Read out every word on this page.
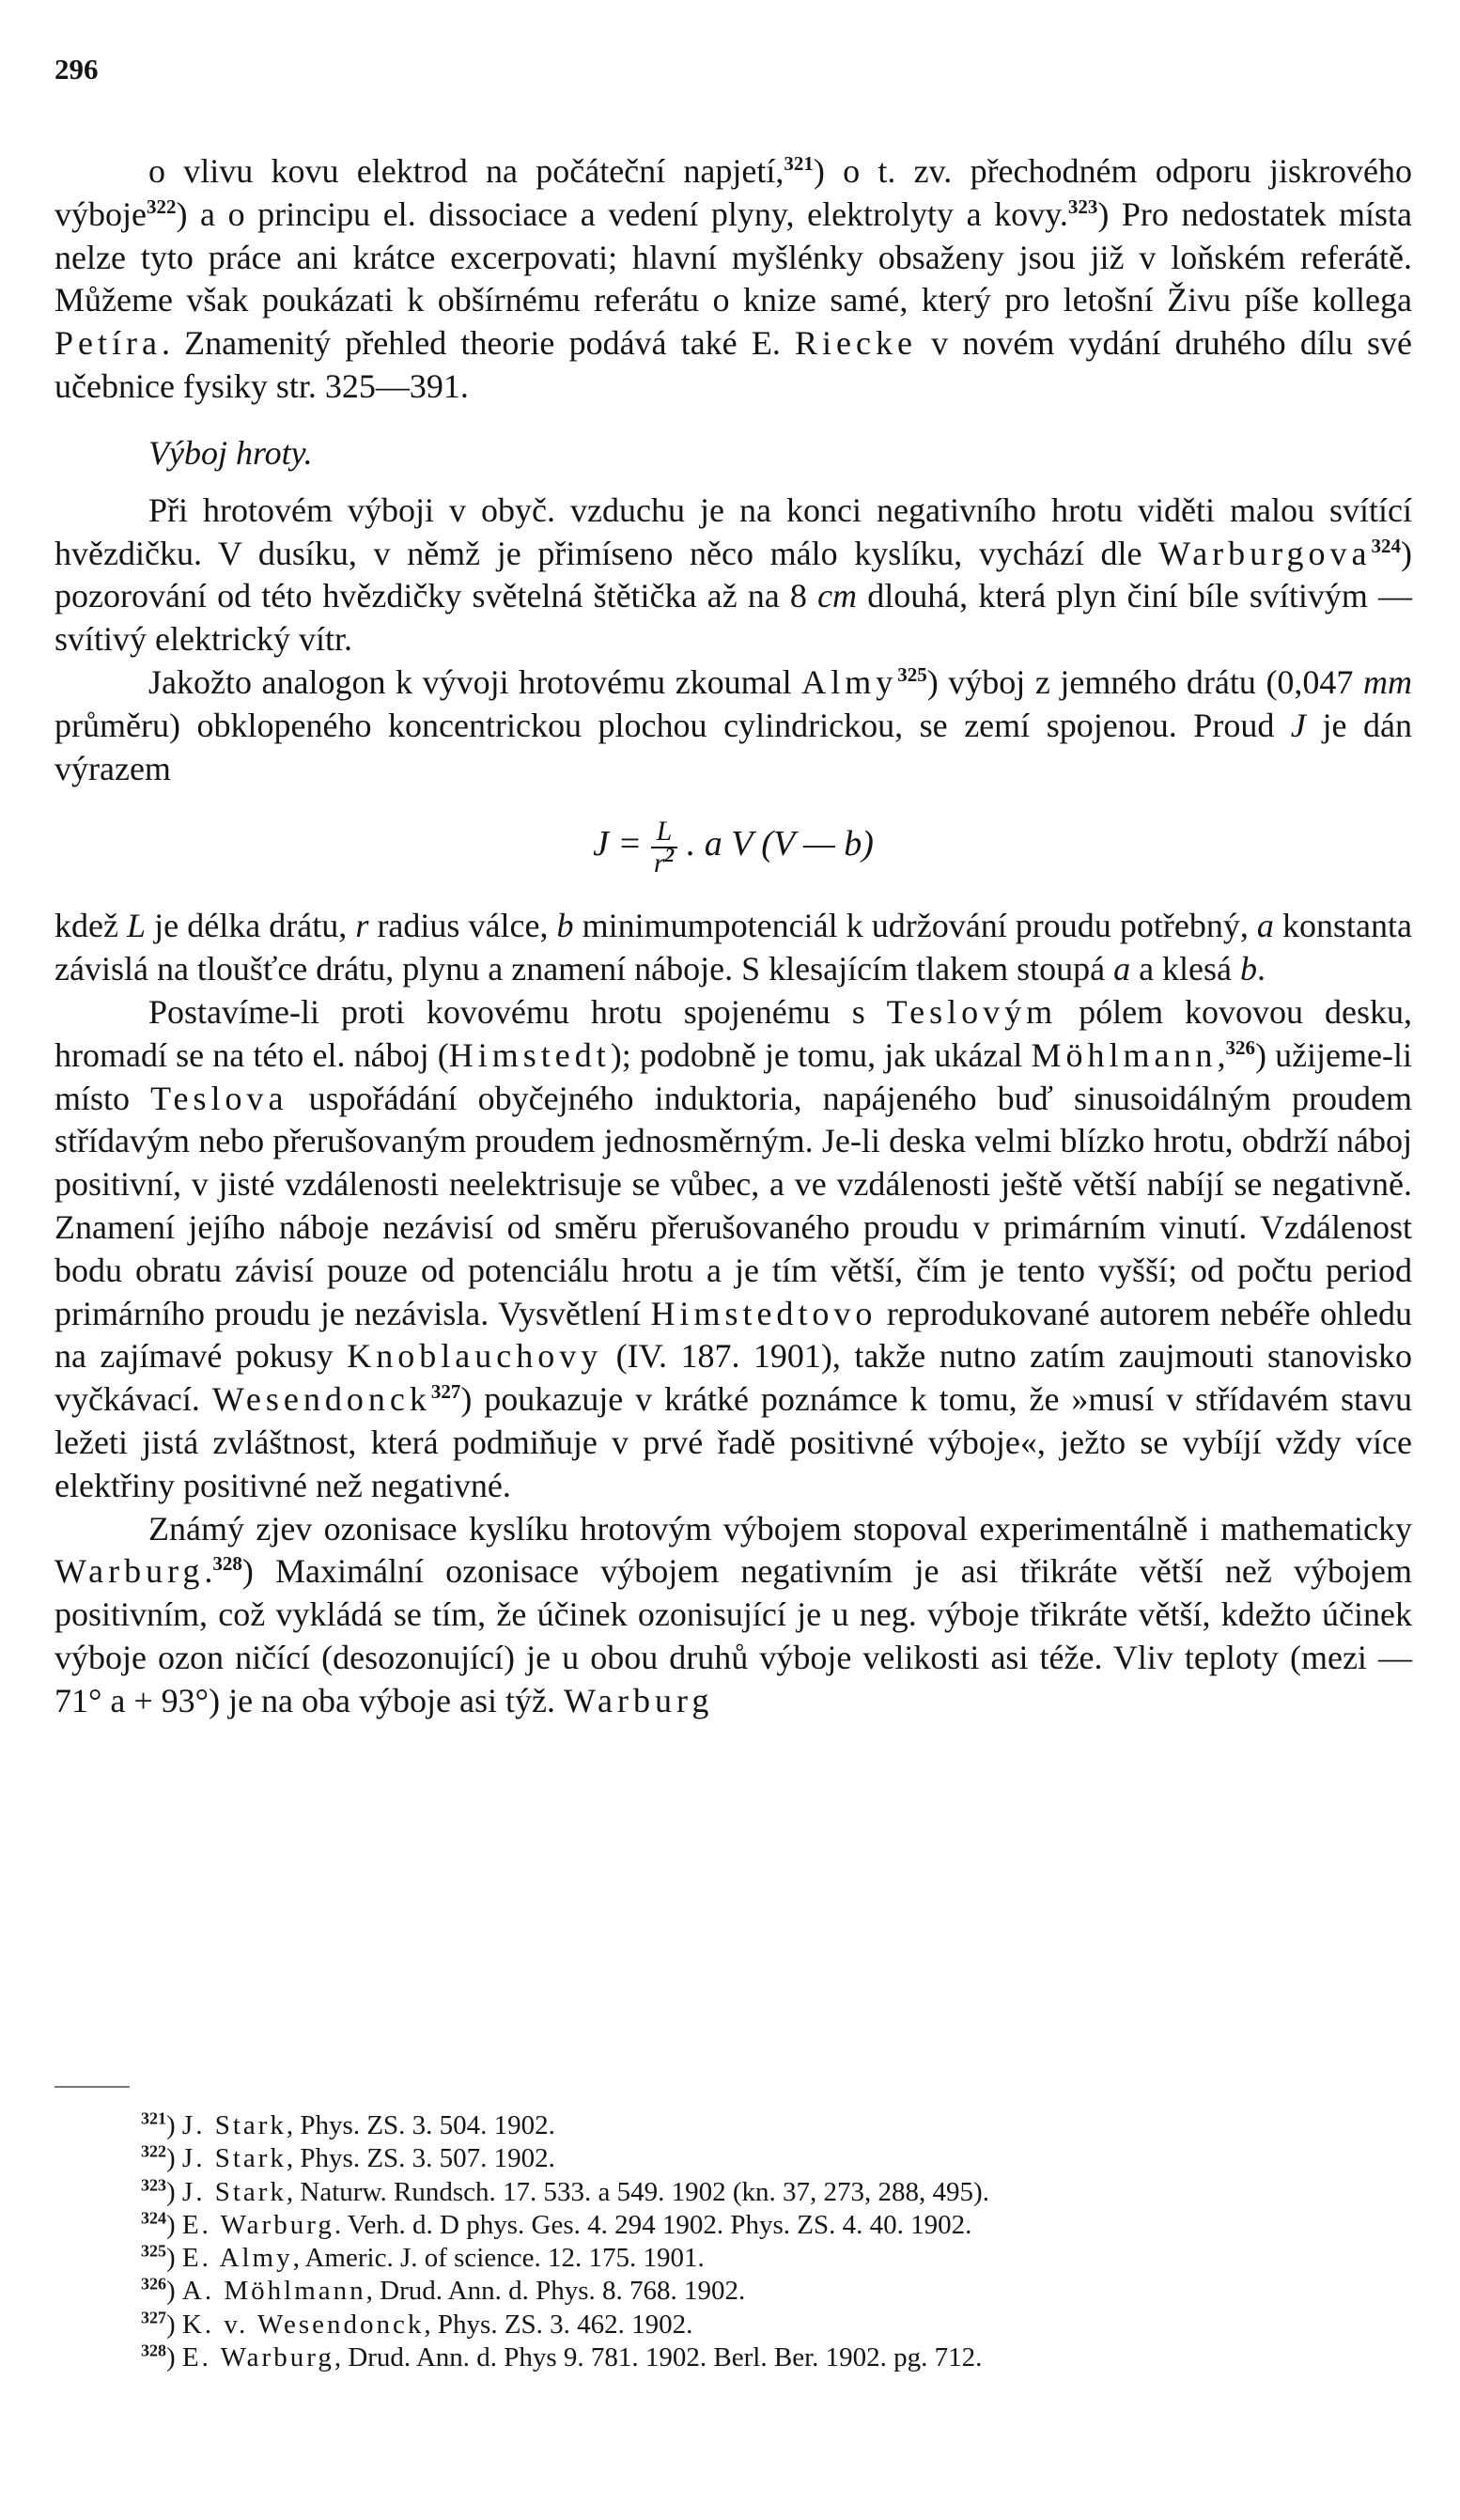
296

o vlivu kovu elektrod na počáteční napjetí,$^{321}$) o t. zv. přechodném odporu jiskrového výboje$^{322}$) a o principu el. dissociace a vedení plyny, elektrolyty a kovy.$^{323}$) Pro nedostatek místa nelze tyto práce ani krátce excerpovati; hlavní myšlénky obsaženy jsou již v loňském referátě. Můžeme však poukázati k obšírnému referátu o knize samé, který pro letošní Živu píše kollega Petíra. Znamenitý přehled theorie podává také E. Riecke v novém vydání druhého dílu své učebnice fysiky str. 325—391.

Výboj hroty.

Při hrotovém výboji v obyč. vzduchu je na konci negativního hrotu viděti malou svítící hvězdičku. V dusíku, v němž je přimíseno něco málo kyslíku, vychází dle Warburgova$^{324}$) pozorování od této hvězdičky světelná štětička až na 8 cm dlouhá, která plyn činí bíle svítivým — svítivý elektrický vítr.

Jakožto analogon k vývoji hrotovému zkoumal Almy$^{325}$) výboj z jemného drátu (0,047 mm průměru) obklopeného koncentrickou plochou cylindrickou, se zemí spojenou. Proud J je dán výrazem

$J = \frac{L}{r^2}$ . a V (V — b)

kdež L je délka drátu, r radius válce, b minimumpotenciál k udržování proudu potřebný, a konstanta závislá na tloušťce drátu, plynu a znamení náboje. S klesajícím tlakem stoupá a a klesá b.

Postavíme-li proti kovovému hrotu spojenému s Teslovým pólem kovovou desku, hromadí se na této el. náboj (Himstedt); podobně je tomu, jak ukázal Möhlmann,$^{326}$) užijeme-li místo Teslova uspořádání obyčejného induktoria, napájeného buď sinusoidálným proudem střídavým nebo přerušovaným proudem jednosměrným. Je-li deska velmi blízko hrotu, obdrží náboj positivní, v jisté vzdálenosti neelektrisuje se vůbec, a ve vzdálenosti ještě větší nabíjí se negativně. Znamení jejího náboje nezávisí od směru přerušovaného proudu v primárním vinutí. Vzdálenost bodu obratu závisí pouze od potenciálu hrotu a je tím větší, čím je tento vyšší; od počtu period primárního proudu je nezávisla. Vysvětlení Himstedtovo reprodukované autorem nebéře ohledu na zajímavé pokusy Knoblauchovy (IV. 187. 1901), takže nutno zatím zaujmouti stanovisko vyčkávací. Wesendonck$^{327}$) poukazuje v krátké poznámce k tomu, že »musí v střídavém stavu ležeti jistá zvláštnost, která podmiňuje v prvé řadě positivné výboje«, ježto se vybíjí vždy více elektřiny positivné než negativné.

Známý zjev ozonisace kyslíku hrotovým výbojem stopoval experimentálně i mathematicky Warburg.$^{328}$) Maximální ozonisace výbojem negativním je asi třikráte větší než výbojem positivním, což vykládá se tím, že účinek ozonisující je u neg. výboje třikráte větší, kdežto účinek výboje ozon ničící (desozonující) je u obou druhů výboje velikosti asi téže. Vliv teploty (mezi — 71° a + 93°) je na oba výboje asi týž. Warburg

$^{321}$) J. Stark, Phys. ZS. 3. 504. 1902.
$^{322}$) J. Stark, Phys. ZS. 3. 507. 1902.
$^{323}$) J. Stark, Naturw. Rundsch. 17. 533. a 549. 1902 (kn. 37, 273, 288, 495).
$^{324}$) E. Warburg. Verh. d. D phys. Ges. 4. 294 1902. Phys. ZS. 4. 40. 1902.
$^{325}$) E. Almy, Americ. J. of science. 12. 175. 1901.
$^{326}$) A. Möhlmann, Drud. Ann. d. Phys. 8. 768. 1902.
$^{327}$) K. v. Wesendonck, Phys. ZS. 3. 462. 1902.
$^{328}$) E. Warburg, Drud. Ann. d. Phys 9. 781. 1902. Berl. Ber. 1902. pg. 712.
